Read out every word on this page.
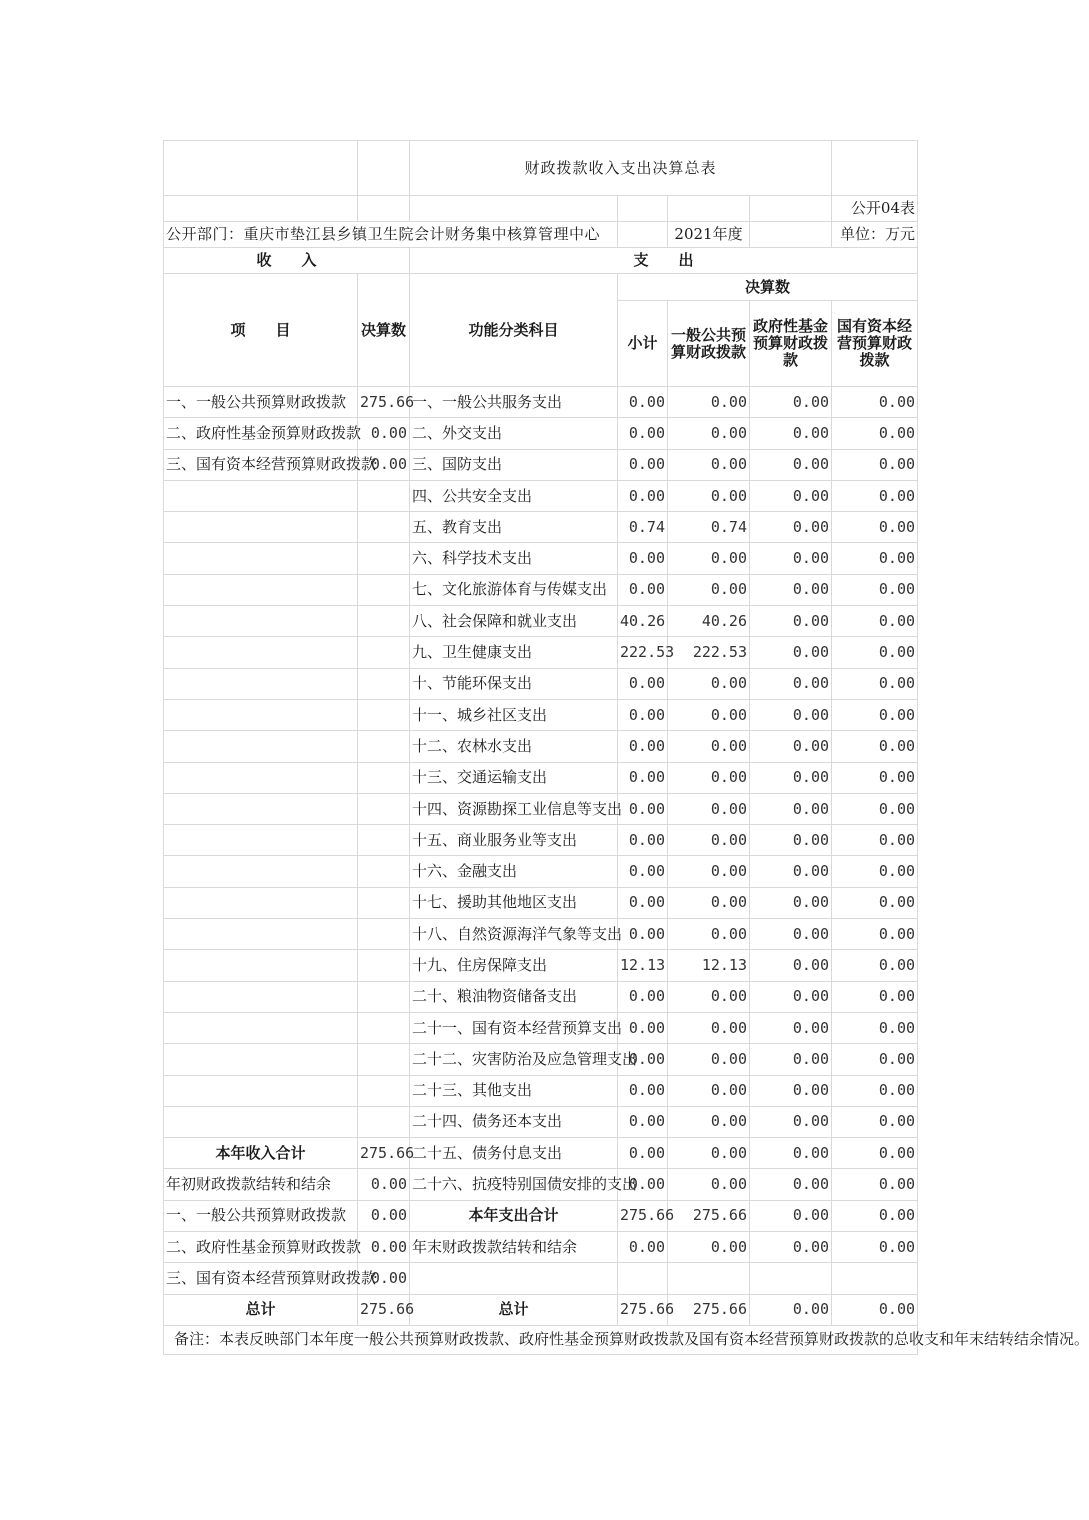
		财政拨款收入支出决算总表				
						公开04表
公开部门：重庆市垫江县乡镇卫生院会计财务集中核算管理中心				2021年度		单位：万元
收　　入		支　　出				
项　　目	决算数	功能分类科目	决算数			
			小计	一般公共预算财政拨款	政府性基金预算财政拨款	国有资本经营预算财政拨款
一、一般公共预算财政拨款	275.66	一、一般公共服务支出	0.00	0.00	0.00	0.00
二、政府性基金预算财政拨款	0.00	二、外交支出	0.00	0.00	0.00	0.00
三、国有资本经营预算财政拨款	0.00	三、国防支出	0.00	0.00	0.00	0.00
		四、公共安全支出	0.00	0.00	0.00	0.00
		五、教育支出	0.74	0.74	0.00	0.00
		六、科学技术支出	0.00	0.00	0.00	0.00
		七、文化旅游体育与传媒支出	0.00	0.00	0.00	0.00
		八、社会保障和就业支出	40.26	40.26	0.00	0.00
		九、卫生健康支出	222.53	222.53	0.00	0.00
		十、节能环保支出	0.00	0.00	0.00	0.00
		十一、城乡社区支出	0.00	0.00	0.00	0.00
		十二、农林水支出	0.00	0.00	0.00	0.00
		十三、交通运输支出	0.00	0.00	0.00	0.00
		十四、资源勘探工业信息等支出	0.00	0.00	0.00	0.00
		十五、商业服务业等支出	0.00	0.00	0.00	0.00
		十六、金融支出	0.00	0.00	0.00	0.00
		十七、援助其他地区支出	0.00	0.00	0.00	0.00
		十八、自然资源海洋气象等支出	0.00	0.00	0.00	0.00
		十九、住房保障支出	12.13	12.13	0.00	0.00
		二十、粮油物资储备支出	0.00	0.00	0.00	0.00
		二十一、国有资本经营预算支出	0.00	0.00	0.00	0.00
		二十二、灾害防治及应急管理支出	0.00	0.00	0.00	0.00
		二十三、其他支出	0.00	0.00	0.00	0.00
		二十四、债务还本支出	0.00	0.00	0.00	0.00
本年收入合计	275.66	二十五、债务付息支出	0.00	0.00	0.00	0.00
年初财政拨款结转和结余	0.00	二十六、抗疫特别国债安排的支出	0.00	0.00	0.00	0.00
一、一般公共预算财政拨款	0.00	本年支出合计	275.66	275.66	0.00	0.00
二、政府性基金预算财政拨款	0.00	年末财政拨款结转和结余	0.00	0.00	0.00	0.00
三、国有资本经营预算财政拨款	0.00					
总计	275.66	总计	275.66	275.66	0.00	0.00
备注：本表反映部门本年度一般公共预算财政拨款、政府性基金预算财政拨款及国有资本经营预算财政拨款的总收支和年末结转结余情况。						
